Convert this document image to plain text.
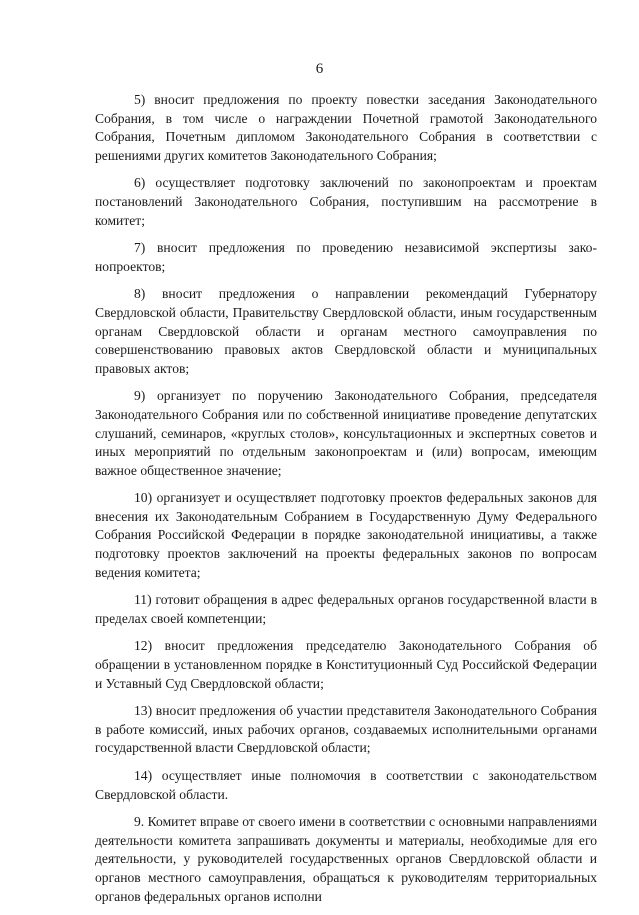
6

5) вносит предложения по проекту повестки заседания Законодательного Собрания, в том числе о награждении Почетной грамотой Законодательного Собрания, Почетным дипломом Законодательного Собрания в соответствии с решениями других комитетов Законодательного Собрания;

6) осуществляет подготовку заключений по законопроектам и проектам постановлений Законодательного Собрания, поступившим на рассмотрение в комитет;

7) вносит предложения по проведению независимой экспертизы законопроектов;

8) вносит предложения о направлении рекомендаций Губернатору Свердловской области, Правительству Свердловской области, иным государственным органам Свердловской области и органам местного самоуправления по совершенствованию правовых актов Свердловской области и муниципальных правовых актов;

9) организует по поручению Законодательного Собрания, председателя Законодательного Собрания или по собственной инициативе проведение депутатских слушаний, семинаров, «круглых столов», консультационных и экспертных советов и иных мероприятий по отдельным законопроектам и (или) вопросам, имеющим важное общественное значение;

10) организует и осуществляет подготовку проектов федеральных законов для внесения их Законодательным Собранием в Государственную Думу Федерального Собрания Российской Федерации в порядке законодательной инициативы, а также подготовку проектов заключений на проекты федеральных законов по вопросам ведения комитета;

11) готовит обращения в адрес федеральных органов государственной власти в пределах своей компетенции;

12) вносит предложения председателю Законодательного Собрания об обращении в установленном порядке в Конституционный Суд Российской Федерации и Уставный Суд Свердловской области;

13) вносит предложения об участии представителя Законодательного Собрания в работе комиссий, иных рабочих органов, создаваемых исполнительными органами государственной власти Свердловской области;

14) осуществляет иные полномочия в соответствии с законодательством Свердловской области.

9. Комитет вправе от своего имени в соответствии с основными направлениями деятельности комитета запрашивать документы и материалы, необходимые для его деятельности, у руководителей государственных органов Свердловской области и органов местного самоуправления, обращаться к руководителям территориальных органов федеральных органов исполни
